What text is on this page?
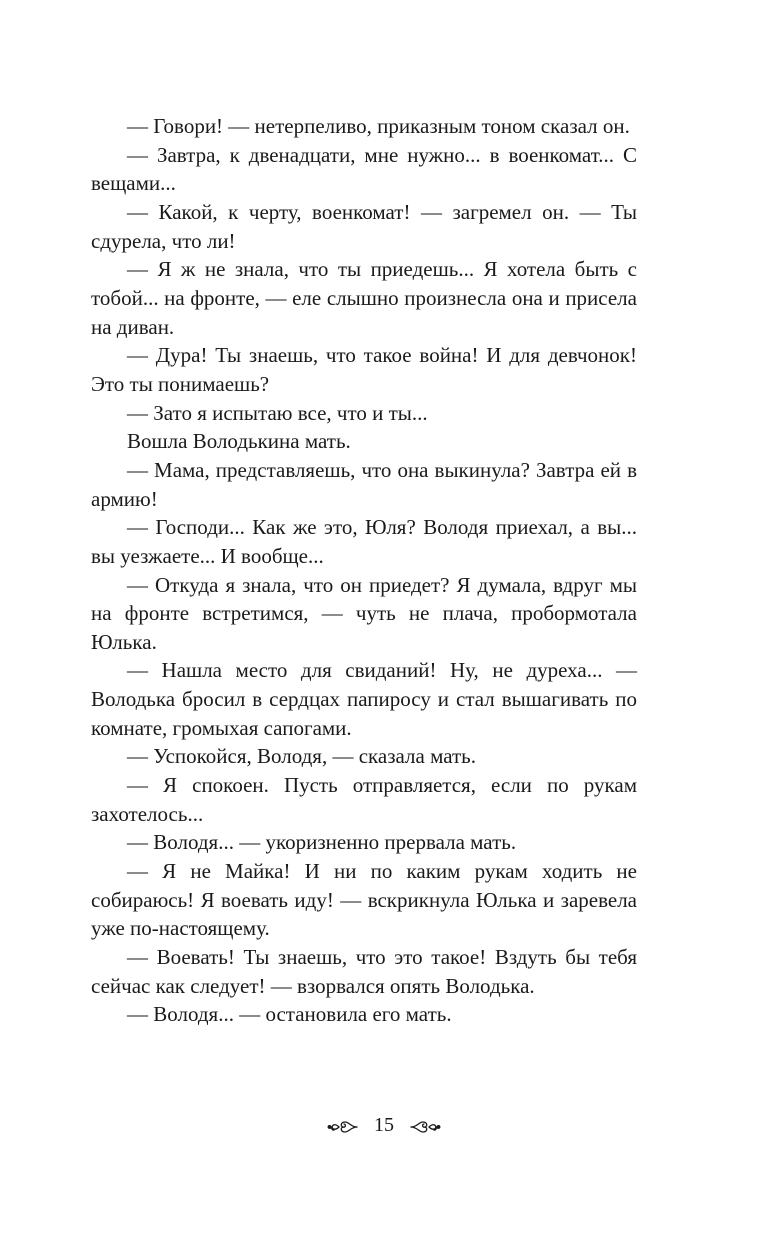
— Говори! — нетерпеливо, приказным тоном сказал он.

— Завтра, к двенадцати, мне нужно... в военкомат... С вещами...

— Какой, к черту, военкомат! — загремел он. — Ты сдурела, что ли!

— Я ж не знала, что ты приедешь... Я хотела быть с тобой... на фронте, — еле слышно произнесла она и присела на диван.

— Дура! Ты знаешь, что такое война! И для девчонок! Это ты понимаешь?

— Зато я испытаю все, что и ты...

Вошла Володькина мать.

— Мама, представляешь, что она выкинула? Завтра ей в армию!

— Господи... Как же это, Юля? Володя приехал, а вы... вы уезжаете... И вообще...

— Откуда я знала, что он приедет? Я думала, вдруг мы на фронте встретимся, — чуть не плача, пробормотала Юлька.

— Нашла место для свиданий! Ну, не дуреха... — Володька бросил в сердцах папиросу и стал вышагивать по комнате, громыхая сапогами.

— Успокойся, Володя, — сказала мать.

— Я спокоен. Пусть отправляется, если по рукам захотелось...

— Володя... — укоризненно прервала мать.

— Я не Майка! И ни по каким рукам ходить не собираюсь! Я воевать иду! — вскрикнула Юлька и заревела уже по-настоящему.

— Воевать! Ты знаешь, что это такое! Вздуть бы тебя сейчас как следует! — взорвался опять Володька.

— Володя... — остановила его мать.

15
